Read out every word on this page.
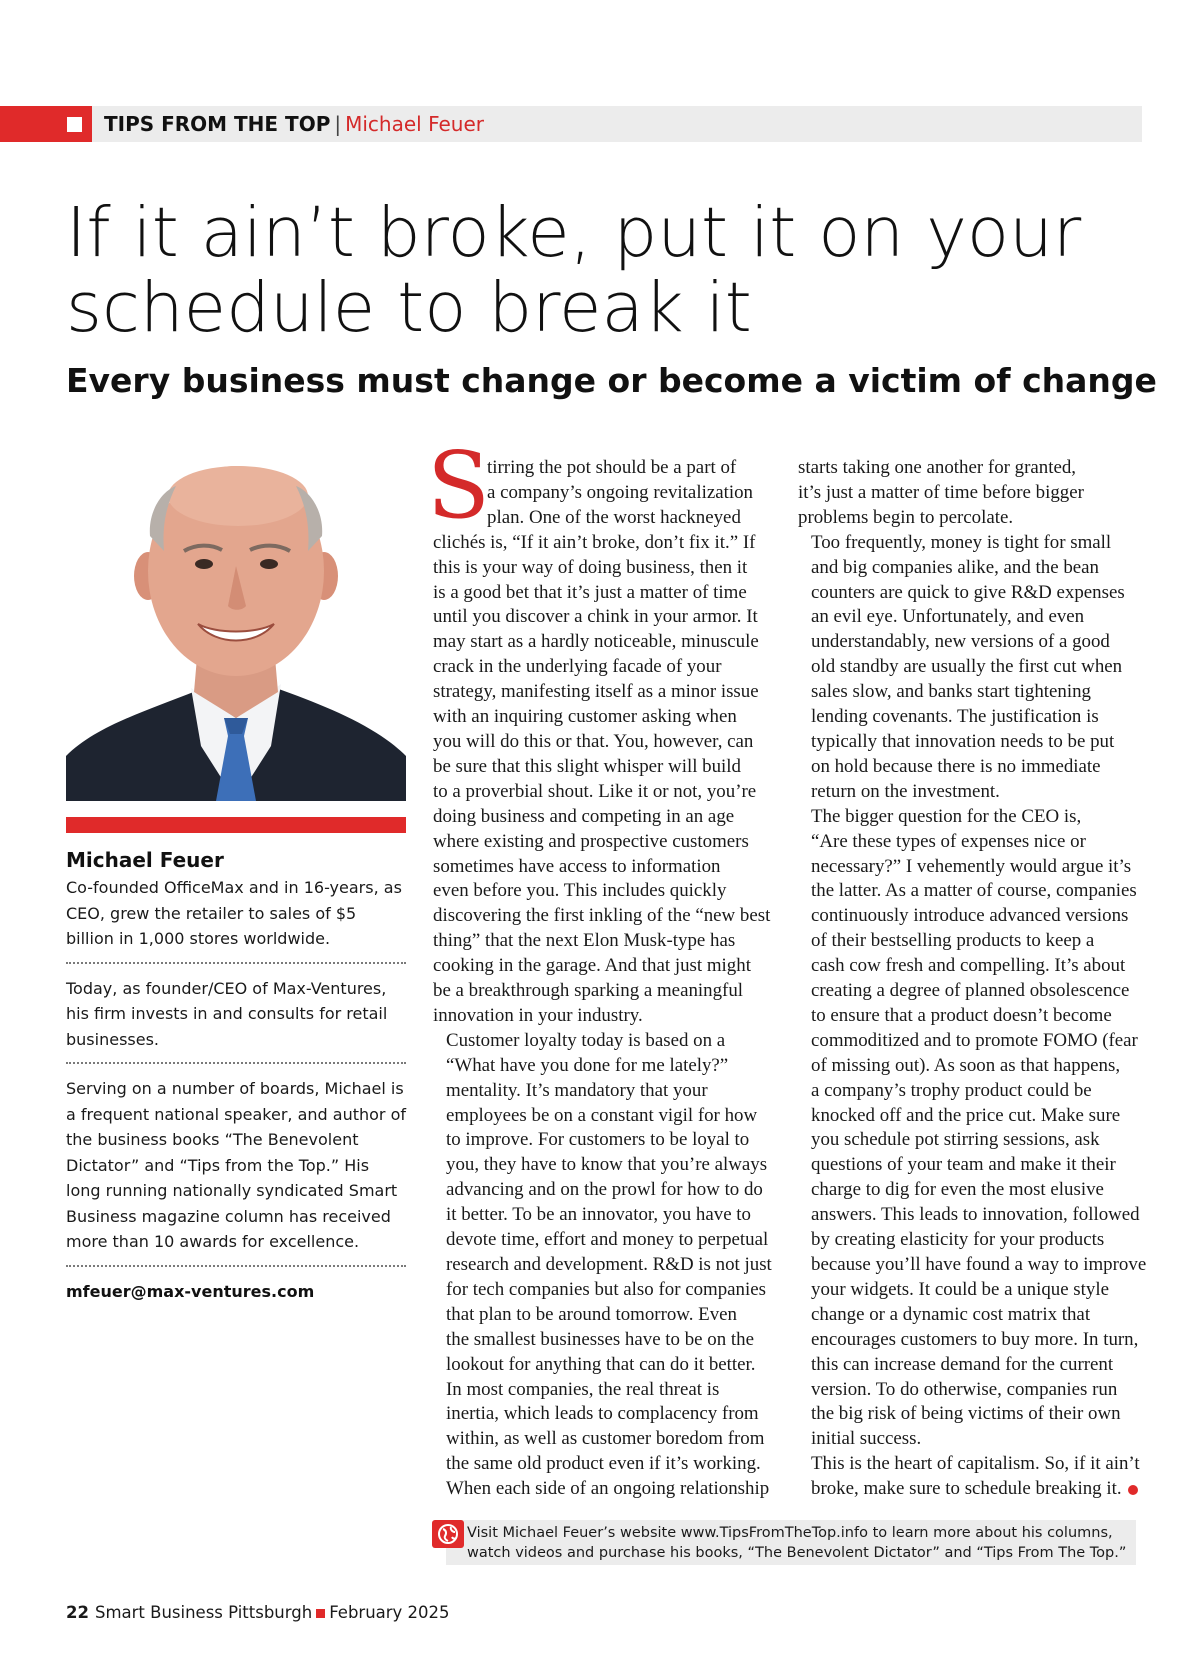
TIPS FROM THE TOP | Michael Feuer
If it ain’t broke, put it on your
schedule to break it
Every business must change or become a victim of change
Michael Feuer
Co-founded OfficeMax and in 16-years, as CEO, grew the retailer to sales of $5 billion in 1,000 stores worldwide.
Today, as founder/CEO of Max-Ventures, his firm invests in and consults for retail businesses.
Serving on a number of boards, Michael is a frequent national speaker, and author of the business books “The Benevolent Dictator” and “Tips from the Top.” His long running nationally syndicated Smart Business magazine column has received more than 10 awards for excellence.
mfeuer@max-ventures.com
S
tirring the pot should be a part of
a company’s ongoing revitalization
plan. One of the worst hackneyed

clichés is, “If it ain’t broke, don’t fix it.” If
this is your way of doing business, then it
is a good bet that it’s just a matter of time
until you discover a chink in your armor. It
may start as a hardly noticeable, minuscule
crack in the underlying facade of your
strategy, manifesting itself as a minor issue
with an inquiring customer asking when
you will do this or that. You, however, can
be sure that this slight whisper will build
to a proverbial shout. Like it or not, you’re
doing business and competing in an age
where existing and prospective customers
sometimes have access to information
even before you. This includes quickly
discovering the first inkling of the “new best
thing” that the next Elon Musk-type has
cooking in the garage. And that just might
be a breakthrough sparking a meaningful
innovation in your industry.

Customer loyalty today is based on a
“What have you done for me lately?”
mentality. It’s mandatory that your
employees be on a constant vigil for how
to improve. For customers to be loyal to
you, they have to know that you’re always
advancing and on the prowl for how to do
it better. To be an innovator, you have to
devote time, effort and money to perpetual
research and development. R&D is not just
for tech companies but also for companies
that plan to be around tomorrow. Even
the smallest businesses have to be on the
lookout for anything that can do it better.
In most companies, the real threat is
inertia, which leads to complacency from
within, as well as customer boredom from
the same old product even if it’s working.
When each side of an ongoing relationship

starts taking one another for granted,
it’s just a matter of time before bigger
problems begin to percolate.

Too frequently, money is tight for small
and big companies alike, and the bean
counters are quick to give R&D expenses
an evil eye. Unfortunately, and even
understandably, new versions of a good
old standby are usually the first cut when
sales slow, and banks start tightening
lending covenants. The justification is
typically that innovation needs to be put
on hold because there is no immediate
return on the investment.

The bigger question for the CEO is,
“Are these types of expenses nice or
necessary?” I vehemently would argue it’s
the latter. As a matter of course, companies
continuously introduce advanced versions
of their bestselling products to keep a
cash cow fresh and compelling. It’s about
creating a degree of planned obsolescence
to ensure that a product doesn’t become
commoditized and to promote FOMO (fear
of missing out). As soon as that happens,
a company’s trophy product could be
knocked off and the price cut. Make sure
you schedule pot stirring sessions, ask
questions of your team and make it their
charge to dig for even the most elusive
answers. This leads to innovation, followed
by creating elasticity for your products
because you’ll have found a way to improve
your widgets. It could be a unique style
change or a dynamic cost matrix that
encourages customers to buy more. In turn,
this can increase demand for the current
version. To do otherwise, companies run
the big risk of being victims of their own
initial success.

This is the heart of capitalism. So, if it ain’t
broke, make sure to schedule breaking it.

Visit Michael Feuer’s website www.TipsFromTheTop.info to learn more about his columns,
watch videos and purchase his books, “The Benevolent Dictator” and “Tips From The Top.”
22 Smart Business Pittsburgh February 2025
